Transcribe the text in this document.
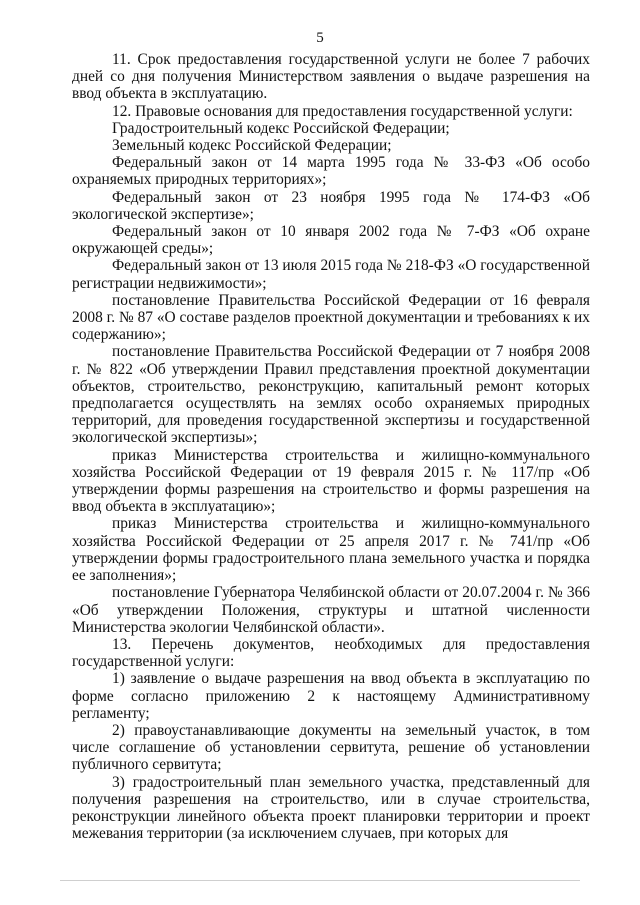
5

11. Срок предоставления государственной услуги не более 7 рабочих дней со дня получения Министерством заявления о выдаче разрешения на ввод объекта в эксплуатацию.

12. Правовые основания для предоставления государственной услуги:

Градостроительный кодекс Российской Федерации;

Земельный кодекс Российской Федерации;

Федеральный закон от 14 марта 1995 года № 33-ФЗ «Об особо охраняемых природных территориях»;

Федеральный закон от 23 ноября 1995 года № 174-ФЗ «Об экологической экспертизе»;

Федеральный закон от 10 января 2002 года № 7-ФЗ «Об охране окружающей среды»;

Федеральный закон от 13 июля 2015 года № 218-ФЗ «О государственной регистрации недвижимости»;

постановление Правительства Российской Федерации от 16 февраля 2008 г. № 87 «О составе разделов проектной документации и требованиях к их содержанию»;

постановление Правительства Российской Федерации от 7 ноября 2008 г. № 822 «Об утверждении Правил представления проектной документации объектов, строительство, реконструкцию, капитальный ремонт которых предполагается осуществлять на землях особо охраняемых природных территорий, для проведения государственной экспертизы и государственной экологической экспертизы»;

приказ Министерства строительства и жилищно-коммунального хозяйства Российской Федерации от 19 февраля 2015 г. № 117/пр «Об утверждении формы разрешения на строительство и формы разрешения на ввод объекта в эксплуатацию»;

приказ Министерства строительства и жилищно-коммунального хозяйства Российской Федерации от 25 апреля 2017 г. № 741/пр «Об утверждении формы градостроительного плана земельного участка и порядка ее заполнения»;

постановление Губернатора Челябинской области от 20.07.2004 г. № 366 «Об утверждении Положения, структуры и штатной численности Министерства экологии Челябинской области».

13. Перечень документов, необходимых для предоставления государственной услуги:

1) заявление о выдаче разрешения на ввод объекта в эксплуатацию по форме согласно приложению 2 к настоящему Административному регламенту;

2) правоустанавливающие документы на земельный участок, в том числе соглашение об установлении сервитута, решение об установлении публичного сервитута;

3) градостроительный план земельного участка, представленный для получения разрешения на строительство, или в случае строительства, реконструкции линейного объекта проект планировки территории и проект межевания территории (за исключением случаев, при которых для
